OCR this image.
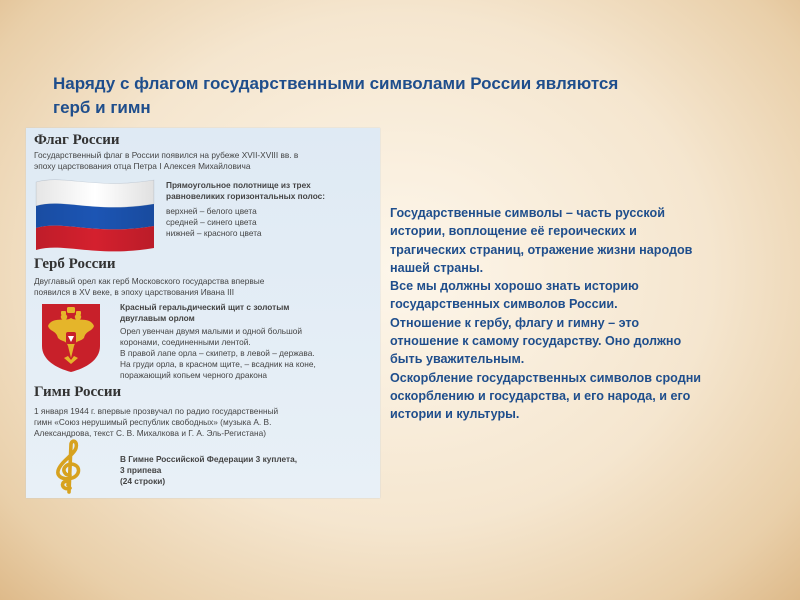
Наряду с флагом государственными символами России являются
герб и гимн
Флаг России
Государственный флаг в России появился на рубеже XVII-XVIII вв. в
эпоху царствования отца Петра I Алексея Михайловича
Прямоугольное полотнище из трех
равновеликих горизонтальных полос:
верхней – белого цвета
средней – синего цвета
нижней – красного цвета
Герб России
Двуглавый орел как герб Московского государства впервые
появился в XV веке, в эпоху царствования Ивана III
Красный геральдический щит с золотым
двуглавым орлом
Орел увенчан двумя малыми и одной большой
коронами, соединенными лентой.
В правой лапе орла – скипетр, в левой – держава.
На груди орла, в красном щите, – всадник на коне,
поражающий копьем черного дракона
Гимн России
1 января 1944 г. впервые прозвучал по радио государственный
гимн «Союз нерушимый республик свободных» (музыка А. В.
Александрова, текст С. В. Михалкова и Г. А. Эль-Регистана)
В Гимне Российской Федерации 3 куплета,
3 припева
(24 строки)
Государственные символы – часть русской
истории, воплощение её героических и
трагических страниц, отражение жизни народов
нашей страны.
Все мы должны хорошо знать историю
государственных символов России.
Отношение к гербу, флагу и гимну – это
отношение к самому государству. Оно должно
быть уважительным.
Оскорбление государственных символов сродни
оскорблению и государства, и его народа, и его
истории и культуры.
